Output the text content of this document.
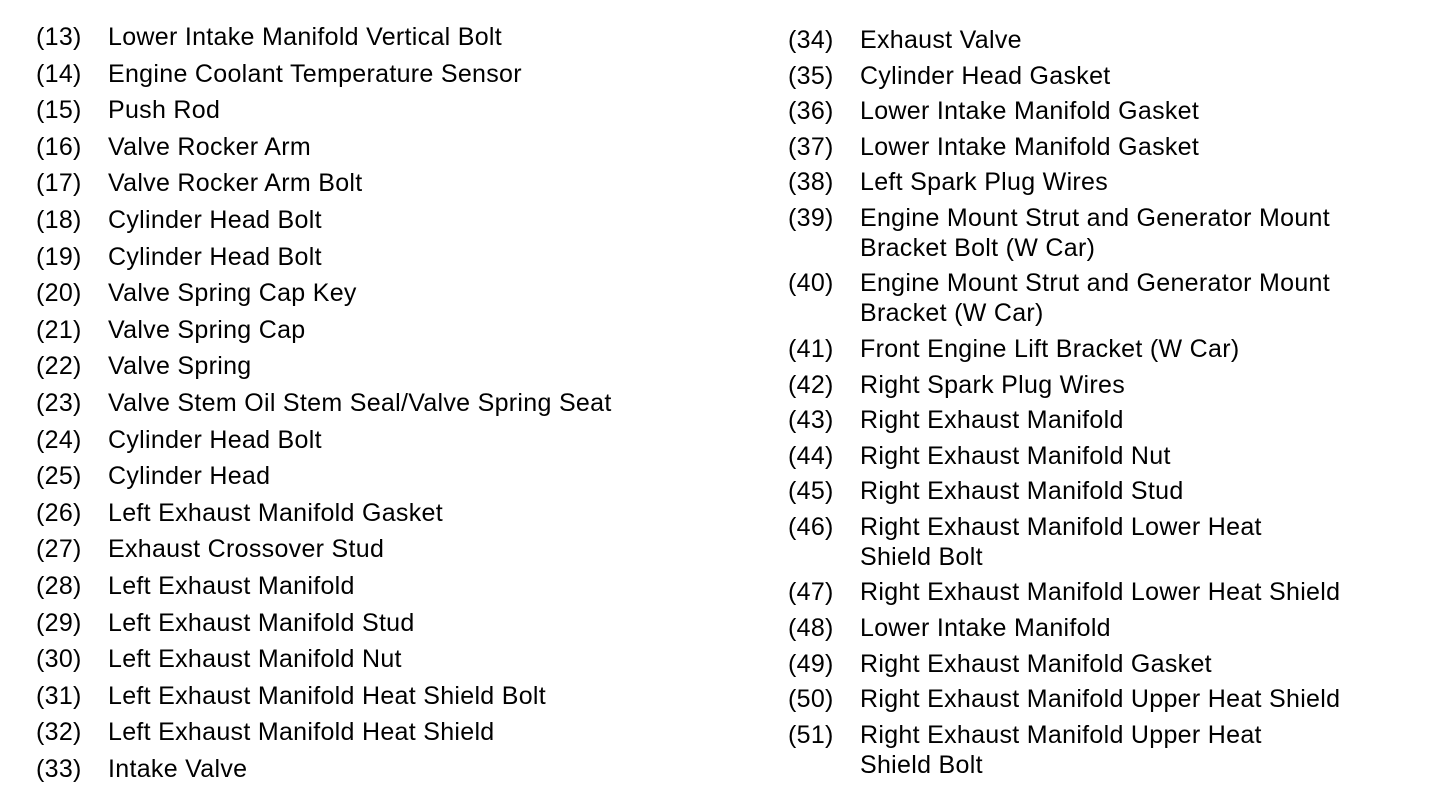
(13)	Lower Intake Manifold Vertical Bolt
(14)	Engine Coolant Temperature Sensor
(15)	Push Rod
(16)	Valve Rocker Arm
(17)	Valve Rocker Arm Bolt
(18)	Cylinder Head Bolt
(19)	Cylinder Head Bolt
(20)	Valve Spring Cap Key
(21)	Valve Spring Cap
(22)	Valve Spring
(23)	Valve Stem Oil Stem Seal/Valve Spring Seat
(24)	Cylinder Head Bolt
(25)	Cylinder Head
(26)	Left Exhaust Manifold Gasket
(27)	Exhaust Crossover Stud
(28)	Left Exhaust Manifold
(29)	Left Exhaust Manifold Stud
(30)	Left Exhaust Manifold Nut
(31)	Left Exhaust Manifold Heat Shield Bolt
(32)	Left Exhaust Manifold Heat Shield
(33)	Intake Valve
(34)	Exhaust Valve
(35)	Cylinder Head Gasket
(36)	Lower Intake Manifold Gasket
(37)	Lower Intake Manifold Gasket
(38)	Left Spark Plug Wires
(39)	Engine Mount Strut and Generator Mount
Bracket Bolt (W Car)
(40)	Engine Mount Strut and Generator Mount
Bracket (W Car)
(41)	Front Engine Lift Bracket (W Car)
(42)	Right Spark Plug Wires
(43)	Right Exhaust Manifold
(44)	Right Exhaust Manifold Nut
(45)	Right Exhaust Manifold Stud
(46)	Right Exhaust Manifold Lower Heat
Shield Bolt
(47)	Right Exhaust Manifold Lower Heat Shield
(48)	Lower Intake Manifold
(49)	Right Exhaust Manifold Gasket
(50)	Right Exhaust Manifold Upper Heat Shield
(51)	Right Exhaust Manifold Upper Heat
Shield Bolt
